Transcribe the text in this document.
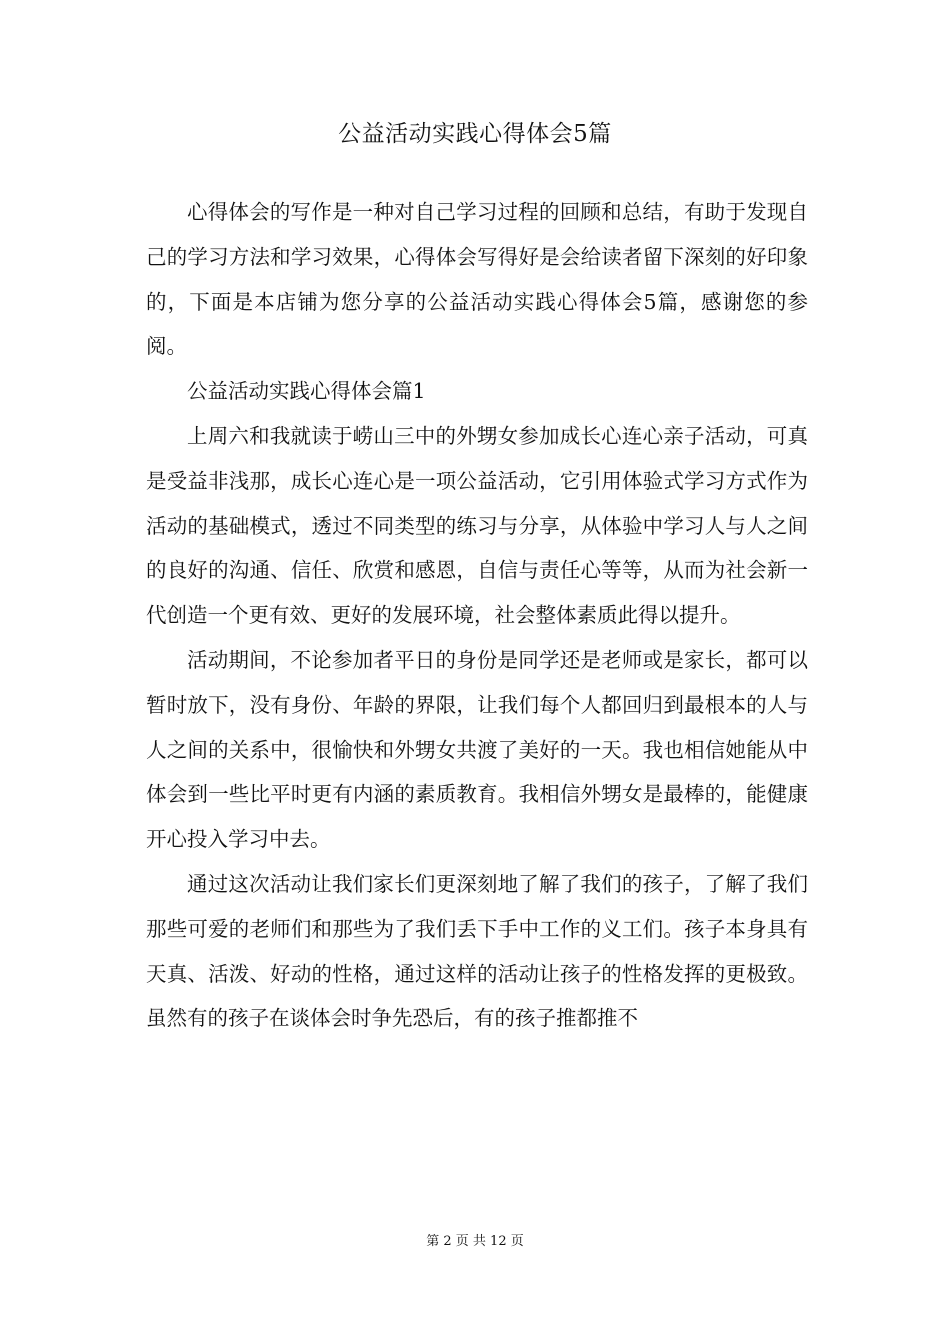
公益活动实践心得体会5篇

心得体会的写作是一种对自己学习过程的回顾和总结，有助于发现自己的学习方法和学习效果，心得体会写得好是会给读者留下深刻的好印象的，下面是本店铺为您分享的公益活动实践心得体会5篇，感谢您的参阅。

公益活动实践心得体会篇1

上周六和我就读于崂山三中的外甥女参加成长心连心亲子活动，可真是受益非浅那，成长心连心是一项公益活动，它引用体验式学习方式作为活动的基础模式，透过不同类型的练习与分享，从体验中学习人与人之间的良好的沟通、信任、欣赏和感恩，自信与责任心等等，从而为社会新一代创造一个更有效、更好的发展环境，社会整体素质此得以提升。

活动期间，不论参加者平日的身份是同学还是老师或是家长，都可以暂时放下，没有身份、年龄的界限，让我们每个人都回归到最根本的人与人之间的关系中，很愉快和外甥女共渡了美好的一天。我也相信她能从中体会到一些比平时更有内涵的素质教育。我相信外甥女是最棒的，能健康开心投入学习中去。

通过这次活动让我们家长们更深刻地了解了我们的孩子，了解了我们那些可爱的老师们和那些为了我们丢下手中工作的义工们。孩子本身具有天真、活泼、好动的性格，通过这样的活动让孩子的性格发挥的更极致。虽然有的孩子在谈体会时争先恐后，有的孩子推都推不

第 2 页 共 12 页
